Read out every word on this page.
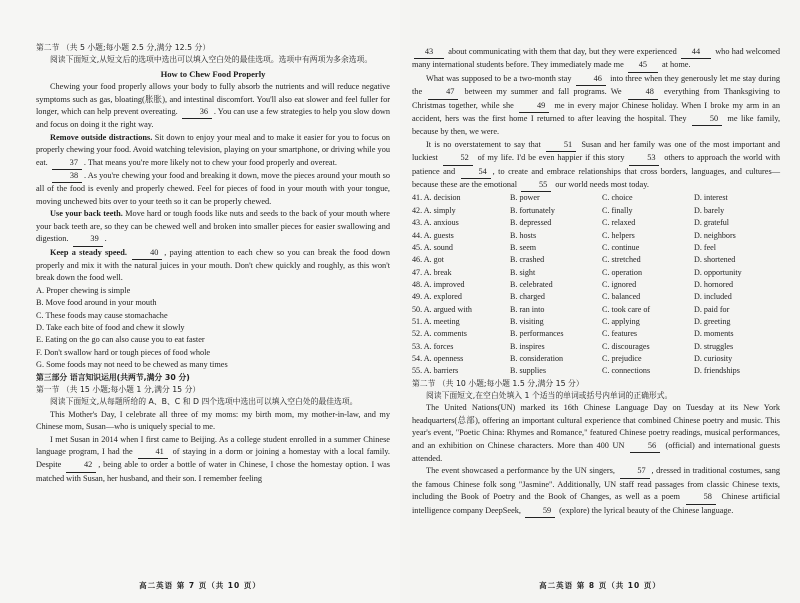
第二节 （共 5 小题;每小题 2.5 分,满分 12.5 分）

阅读下面短文,从短文后的选项中选出可以填入空白处的最佳选项。选项中有两项为多余选项。

How to Chew Food Properly

Chewing your food properly allows your body to fully absorb the nutrients and will reduce negative symptoms such as gas, bloating(胀胀), and intestinal discomfort. You'll also eat slower and feel fuller for longer, which can help prevent overeating.	36 . You can use a few strategies to help you slow down and focus on doing it the right way.

Remove outside distractions. Sit down to enjoy your meal and to make it easier for you to focus on properly chewing your food. Avoid watching television, playing on your smartphone, or driving while you eat.	37 . That means you're more likely not to chew your food properly and overeat.

38 . As you're chewing your food and breaking it down, move the pieces around your mouth so all of the food is evenly and properly chewed. Feel for pieces of food in your mouth with your tongue, moving unchewed bits over to your teeth so it can be properly chewed.

Use your back teeth. Move hard or tough foods like nuts and seeds to the back of your mouth where your back teeth are, so they can be chewed well and broken into smaller pieces for easier swallowing and digestion.	39 .

Keep a steady speed.	40 , paying attention to each chew so you can break the food down properly and mix it with the natural juices in your mouth. Don't chew quickly and roughly, as this won't break down the food well.

A. Proper chewing is simple

B. Move food around in your mouth

C. These foods may cause stomachache

D. Take each bite of food and chew it slowly

E. Eating on the go can also cause you to eat faster

F. Don't swallow hard or tough pieces of food whole

G. Some foods may not need to be chewed as many times

第三部分 语言知识运用(共两节,满分 30 分)

第一节 （共 15 小题;每小题 1 分,满分 15 分）

阅读下面短文,从每题所给的 A、B、C 和 D 四个选项中选出可以填入空白处的最佳选项。

This Mother's Day, I celebrate all three of my moms: my birth mom, my mother-in-law, and my Chinese mom, Susan—who is uniquely special to me.

I met Susan in 2014 when I first came to Beijing. As a college student enrolled in a summer Chinese language program, I had the	41 of staying in a dorm or joining a homestay with a local family. Despite	42 , being able to order a bottle of water in Chinese, I chose the homestay option. I was matched with Susan, her husband, and their son. I remember feeling

高二英语 第 7 页（共 10 页）

43 about communicating with them that day, but they were experienced 44 who had welcomed many international students before. They immediately made me 45 at home.

What was supposed to be a two-month stay	46 into three when they generously let me stay during the	47 between my summer and fall programs. We	48 everything from Thanksgiving to Christmas together, while she	49 me in every major Chinese holiday. When I broke my arm in an accident, hers was the first home I returned to after leaving the hospital. They	50 me like family, because by then, we were.

It is no overstatement to say that	51 Susan and her family was one of the most important and luckiest	52 of my life. I'd be even happier if this story	53 others to approach the world with patience and	54 , to create and embrace relationships that cross borders, languages, and cultures—because these are the emotional	55 our world needs most today.

41. A. decision	B. power	C. choice	D. interest
42. A. simply	B. fortunately	C. finally	D. barely
43. A. anxious	B. depressed	C. relaxed	D. grateful
44. A. guests	B. hosts	C. helpers	D. neighbors
45. A. sound	B. seem	C. continue	D. feel
46. A. got	B. crashed	C. stretched	D. shortened
47. A. break	B. sight	C. operation	D. opportunity
48. A. improved	B. celebrated	C. ignored	D. hornored
49. A. explored	B. charged	C. balanced	D. included
50. A. argued with	B. ran into	C. took care of	D. paid for
51. A. meeting	B. visiting	C. applying	D. greeting
52. A. comments	B. performances	C. features	D. moments
53. A. forces	B. inspires	C. discourages	D. struggles
54. A. openness	B. consideration	C. prejudice	D. curiosity
55. A. barriers	B. supplies	C. connections	D. friendships

第二节 （共 10 小题;每小题 1.5 分,满分 15 分）

阅读下面短文,在空白处填入 1 个适当的单词或括号内单词的正确形式。

The United Nations(UN) marked its 16th Chinese Language Day on Tuesday at its New York headquarters(总部), offering an important cultural experience that combined Chinese poetry and music. This year's event, "Poetic China: Rhymes and Romance," featured Chinese poetry readings, musical performances, and an exhibition on Chinese characters. More than 400 UN	56 (official) and international guests attended.

The event showcased a performance by the UN singers,	57 , dressed in traditional costumes, sang the famous Chinese folk song "Jasmine". Additionally, UN staff read passages from classic Chinese texts, including the Book of Poetry and the Book of Changes, as well as a poem	58 Chinese artificial intelligence company DeepSeek,	59 (explore) the lyrical beauty of the Chinese language.

高二英语 第 8 页（共 10 页）
